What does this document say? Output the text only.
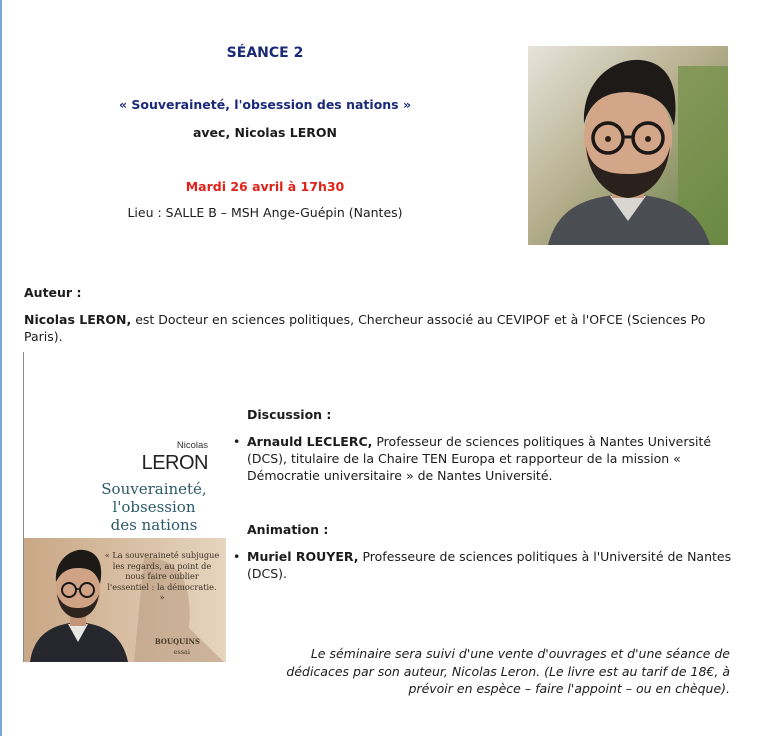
SÉANCE 2
« Souveraineté, l'obsession des nations »
avec, Nicolas LERON
Mardi 26 avril à 17h30
Lieu : SALLE B – MSH Ange-Guépin (Nantes)
Auteur :
Nicolas LERON, est Docteur en sciences politiques, Chercheur associé au CEVIPOF et à l'OFCE (Sciences Po Paris).
Nicolas
LERON
Souveraineté,
l'obsession
des nations
« La souveraineté subjugue les regards, au point de nous faire oublier l'essentiel : la démocratie. »
BOUQUINS
essai
Discussion :
• Arnauld LECLERC, Professeur de sciences politiques à Nantes Université (DCS), titulaire de la Chaire TEN Europa et rapporteur de la mission « Démocratie universitaire » de Nantes Université.
Animation :
• Muriel ROUYER, Professeure de sciences politiques à l'Université de Nantes (DCS).
Le séminaire sera suivi d'une vente d'ouvrages et d'une séance de dédicaces par son auteur, Nicolas Leron. (Le livre est au tarif de 18€, à prévoir en espèce – faire l'appoint – ou en chèque).
